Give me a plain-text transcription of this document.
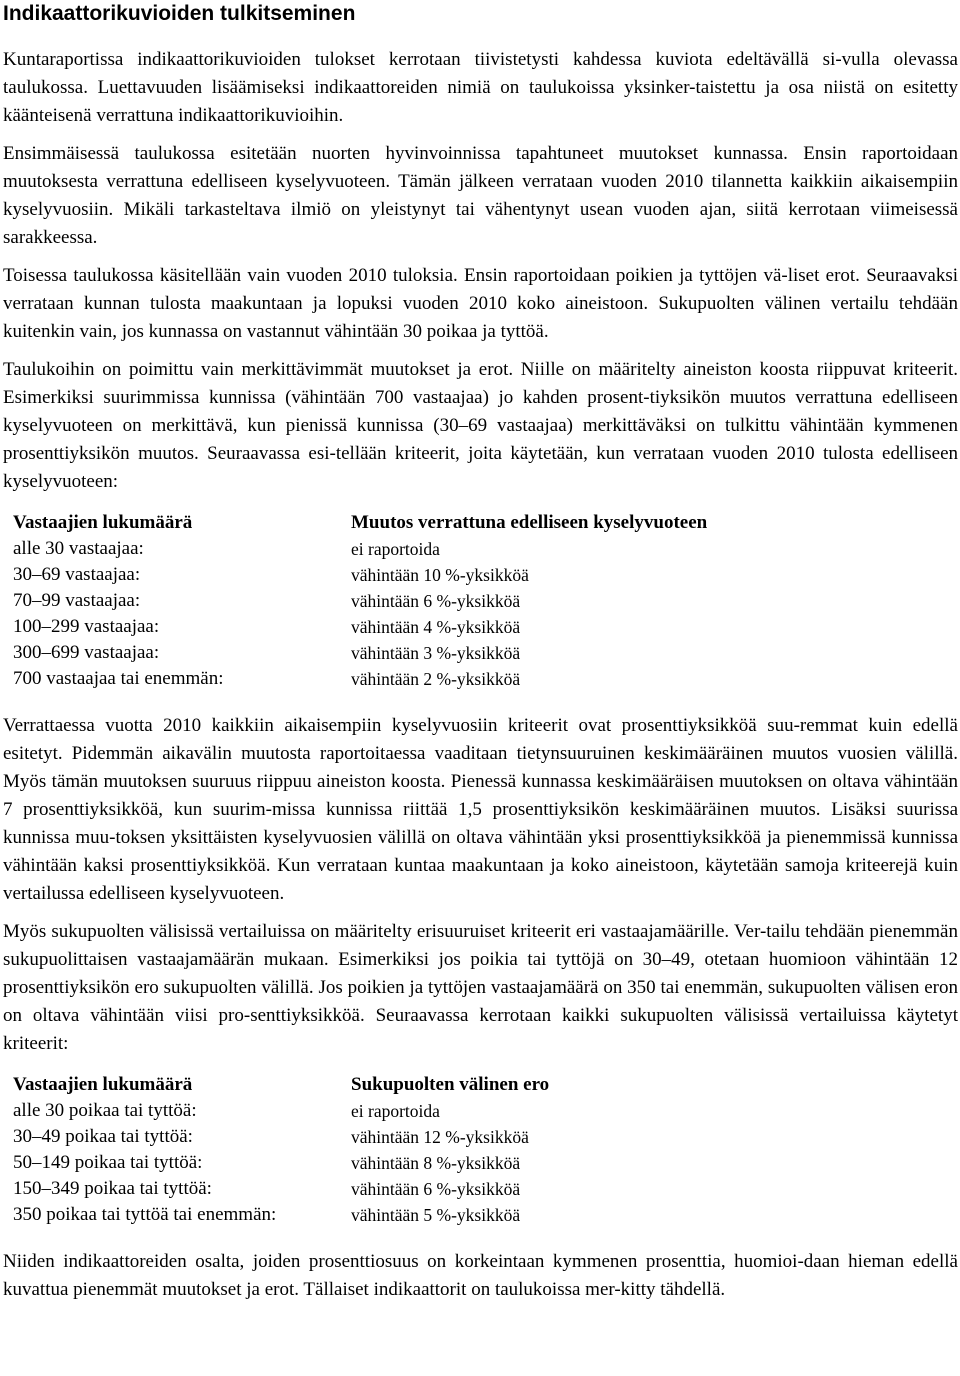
Indikaattorikuvioiden tulkitseminen

Kuntaraportissa indikaattorikuvioiden tulokset kerrotaan tiivistetysti kahdessa kuviota edeltävällä si-vulla olevassa taulukossa. Luettavuuden lisäämiseksi indikaattoreiden nimiä on taulukoissa yksinker-taistettu ja osa niistä on esitetty käänteisenä verrattuna indikaattorikuvioihin.

Ensimmäisessä taulukossa esitetään nuorten hyvinvoinnissa tapahtuneet muutokset kunnassa. Ensin raportoidaan muutoksesta verrattuna edelliseen kyselyvuoteen. Tämän jälkeen verrataan vuoden 2010 tilannetta kaikkiin aikaisempiin kyselyvuosiin. Mikäli tarkasteltava ilmiö on yleistynyt tai vähentynyt usean vuoden ajan, siitä kerrotaan viimeisessä sarakkeessa.

Toisessa taulukossa käsitellään vain vuoden 2010 tuloksia. Ensin raportoidaan poikien ja tyttöjen vä-liset erot. Seuraavaksi verrataan kunnan tulosta maakuntaan ja lopuksi vuoden 2010 koko aineistoon. Sukupuolten välinen vertailu tehdään kuitenkin vain, jos kunnassa on vastannut vähintään 30 poikaa ja tyttöä.

Taulukoihin on poimittu vain merkittävimmät muutokset ja erot. Niille on määritelty aineiston koosta riippuvat kriteerit. Esimerkiksi suurimmissa kunnissa (vähintään 700 vastaajaa) jo kahden prosent-tiyksikön muutos verrattuna edelliseen kyselyvuoteen on merkittävä, kun pienissä kunnissa (30–69 vastaajaa) merkittäväksi on tulkittu vähintään kymmenen prosenttiyksikön muutos. Seuraavassa esi-tellään kriteerit, joita käytetään, kun verrataan vuoden 2010 tulosta edelliseen kyselyvuoteen:

Vastaajien lukumäärä	Muutos verrattuna edelliseen kyselyvuoteen
alle 30 vastaajaa:	ei raportoida
30–69 vastaajaa:	vähintään 10 %-yksikköä
70–99 vastaajaa:	vähintään 6 %-yksikköä
100–299 vastaajaa:	vähintään 4 %-yksikköä
300–699 vastaajaa:	vähintään 3 %-yksikköä
700 vastaajaa tai enemmän:	vähintään 2 %-yksikköä

Verrattaessa vuotta 2010 kaikkiin aikaisempiin kyselyvuosiin kriteerit ovat prosenttiyksikköä suu-remmat kuin edellä esitetyt. Pidemmän aikavälin muutosta raportoitaessa vaaditaan tietynsuuruinen keskimääräinen muutos vuosien välillä. Myös tämän muutoksen suuruus riippuu aineiston koosta. Pienessä kunnassa keskimääräisen muutoksen on oltava vähintään 7 prosenttiyksikköä, kun suurim-missa kunnissa riittää 1,5 prosenttiyksikön keskimääräinen muutos. Lisäksi suurissa kunnissa muu-toksen yksittäisten kyselyvuosien välillä on oltava vähintään yksi prosenttiyksikköä ja pienemmissä kunnissa vähintään kaksi prosenttiyksikköä. Kun verrataan kuntaa maakuntaan ja koko aineistoon, käytetään samoja kriteerejä kuin vertailussa edelliseen kyselyvuoteen.

Myös sukupuolten välisissä vertailuissa on määritelty erisuuruiset kriteerit eri vastaajamäärille. Ver-tailu tehdään pienemmän sukupuolittaisen vastaajamäärän mukaan. Esimerkiksi jos poikia tai tyttöjä on 30–49, otetaan huomioon vähintään 12 prosenttiyksikön ero sukupuolten välillä. Jos poikien ja tyttöjen vastaajamäärä on 350 tai enemmän, sukupuolten välisen eron on oltava vähintään viisi pro-senttiyksikköä. Seuraavassa kerrotaan kaikki sukupuolten välisissä vertailuissa käytetyt kriteerit:

Vastaajien lukumäärä	Sukupuolten välinen ero
alle 30 poikaa tai tyttöä:	ei raportoida
30–49 poikaa tai tyttöä:	vähintään 12 %-yksikköä
50–149 poikaa tai tyttöä:	vähintään 8 %-yksikköä
150–349 poikaa tai tyttöä:	vähintään 6 %-yksikköä
350 poikaa tai tyttöä tai enemmän:	vähintään 5 %-yksikköä

Niiden indikaattoreiden osalta, joiden prosenttiosuus on korkeintaan kymmenen prosenttia, huomioi-daan hieman edellä kuvattua pienemmät muutokset ja erot. Tällaiset indikaattorit on taulukoissa mer-kitty tähdellä.
